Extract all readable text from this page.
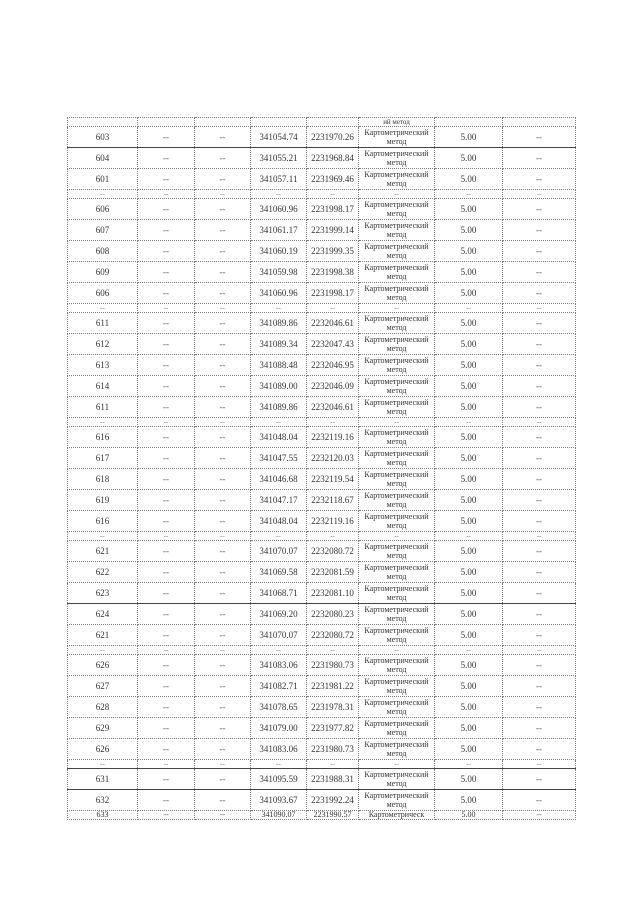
					ий метод		
603	--	--	341054.74	2231970.26	Картометрический метод	5.00	--
604	--	--	341055.21	2231968.84	Картометрический метод	5.00	--
601	--	--	341057.11	2231969.46	Картометрический метод	5.00	--
--	--	--	--	--	--	--	--
606	--	--	341060.96	2231998.17	Картометрический метод	5.00	--
607	--	--	341061.17	2231999.14	Картометрический метод	5.00	--
608	--	--	341060.19	2231999.35	Картометрический метод	5.00	--
609	--	--	341059.98	2231998.38	Картометрический метод	5.00	--
606	--	--	341060.96	2231998.17	Картометрический метод	5.00	--
--	--	--	--	--	--	--	--
611	--	--	341089.86	2232046.61	Картометрический метод	5.00	--
612	--	--	341089.34	2232047.43	Картометрический метод	5.00	--
613	--	--	341088.48	2232046.95	Картометрический метод	5.00	--
614	--	--	341089.00	2232046.09	Картометрический метод	5.00	--
611	--	--	341089.86	2232046.61	Картометрический метод	5.00	--
--	--	--	--	--	--	--	--
616	--	--	341048.04	2232119.16	Картометрический метод	5.00	--
617	--	--	341047.55	2232120.03	Картометрический метод	5.00	--
618	--	--	341046.68	2232119.54	Картометрический метод	5.00	--
619	--	--	341047.17	2232118.67	Картометрический метод	5.00	--
616	--	--	341048.04	2232119.16	Картометрический метод	5.00	--
--	--	--	--	--	--	--	--
621	--	--	341070.07	2232080.72	Картометрический метод	5.00	--
622	--	--	341069.58	2232081.59	Картометрический метод	5.00	--
623	--	--	341068.71	2232081.10	Картометрический метод	5.00	--
624	--	--	341069.20	2232080.23	Картометрический метод	5.00	--
621	--	--	341070.07	2232080.72	Картометрический метод	5.00	--
--	--	--	--	--	--	--	--
626	--	--	341083.06	2231980.73	Картометрический метод	5.00	--
627	--	--	341082.71	2231981.22	Картометрический метод	5.00	--
628	--	--	341078.65	2231978.31	Картометрический метод	5.00	--
629	--	--	341079.00	2231977.82	Картометрический метод	5.00	--
626	--	--	341083.06	2231980.73	Картометрический метод	5.00	--
--	--	--	--	--	--	--	--
631	--	--	341095.59	2231988.31	Картометрический метод	5.00	--
632	--	--	341093.67	2231992.24	Картометрический метод	5.00	--
633	--	--	341090.07	2231990.57	Картометрическ	5.00	--
